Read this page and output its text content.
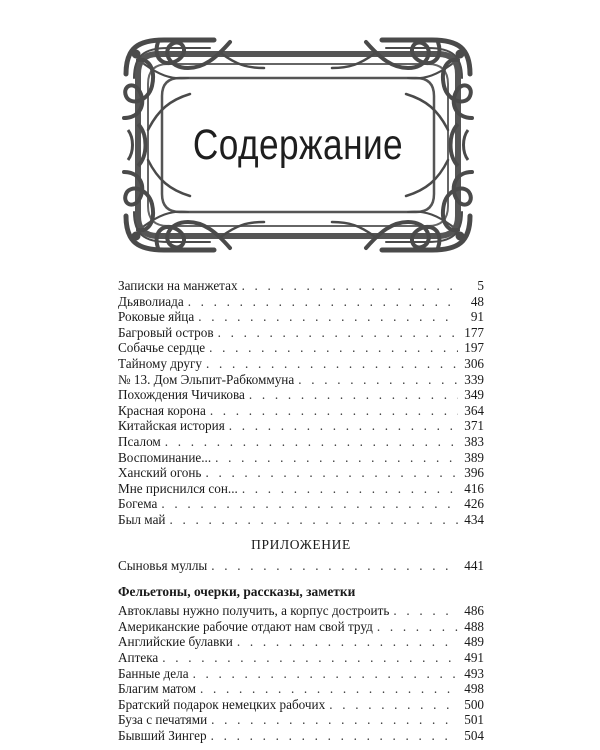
Содержание
Записки на манжетах . . .	5
Дьяволиада . . .	48
Роковые яйца . . .	91
Багровый остров . . .	177
Собачье сердце . . .	197
Тайному другу . . .	306
№ 13. Дом Эльпит-Рабкоммуна . . .	339
Похождения Чичикова . . .	349
Красная корона . . .	364
Китайская история . . .	371
Псалом . . .	383
Воспоминание... . . .	389
Ханский огонь . . .	396
Мне приснился сон... . . .	416
Богема . . .	426
Был май . . .	434
ПРИЛОЖЕНИЕ
Сыновья муллы . . .	441
Фельетоны, очерки, рассказы, заметки
Автоклавы нужно получить, а корпус достроить . . .	486
Американские рабочие отдают нам свой труд . . .	488
Английские булавки . . .	489
Аптека . . .	491
Банные дела . . .	493
Благим матом . . .	498
Братский подарок немецких рабочих . . .	500
Буза с печатями . . .	501
Бывший Зингер . . .	504
